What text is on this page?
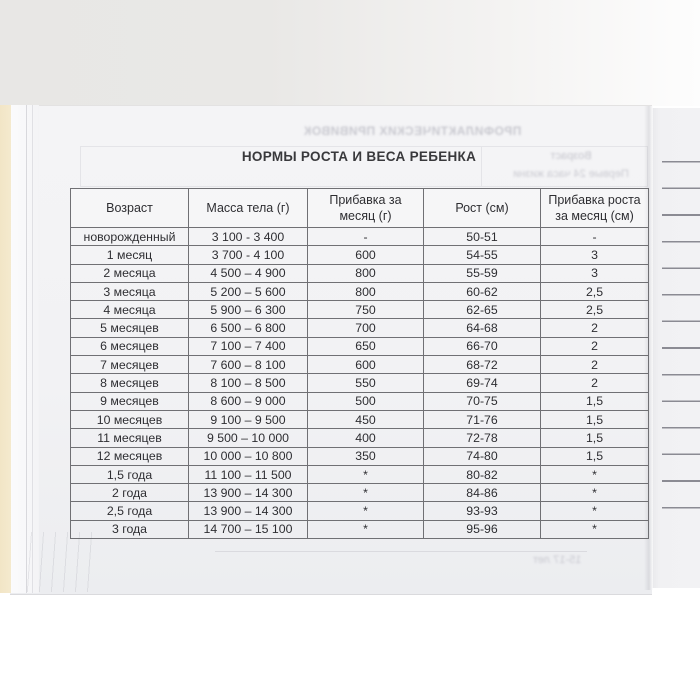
ПРОФИЛАКТИЧЕСКИХ ПРИВИВОК
Возраст
Первые 24 часа жизни
15-17 лет
НОРМЫ РОСТА И ВЕСА РЕБЕНКА
Возраст	Масса тела (г)	Прибавка за месяц (г)	Рост (см)	Прибавка роста за месяц (см)
новорожденный	3 100 - 3 400	-	50-51	-
1 месяц	3 700 - 4 100	600	54-55	3
2 месяца	4 500 – 4 900	800	55-59	3
3 месяца	5 200 – 5 600	800	60-62	2,5
4 месяца	5 900 – 6 300	750	62-65	2,5
5 месяцев	6 500 – 6 800	700	64-68	2
6 месяцев	7 100 – 7 400	650	66-70	2
7 месяцев	7 600 – 8 100	600	68-72	2
8 месяцев	8 100 – 8 500	550	69-74	2
9 месяцев	8 600 – 9 000	500	70-75	1,5
10 месяцев	9 100 – 9 500	450	71-76	1,5
11 месяцев	9 500 – 10 000	400	72-78	1,5
12 месяцев	10 000 – 10 800	350	74-80	1,5
1,5 года	11 100 – 11 500	*	80-82	*
2 года	13 900 – 14 300	*	84-86	*
2,5 года	13 900 – 14 300	*	93-93	*
3 года	14 700 – 15 100	*	95-96	*
